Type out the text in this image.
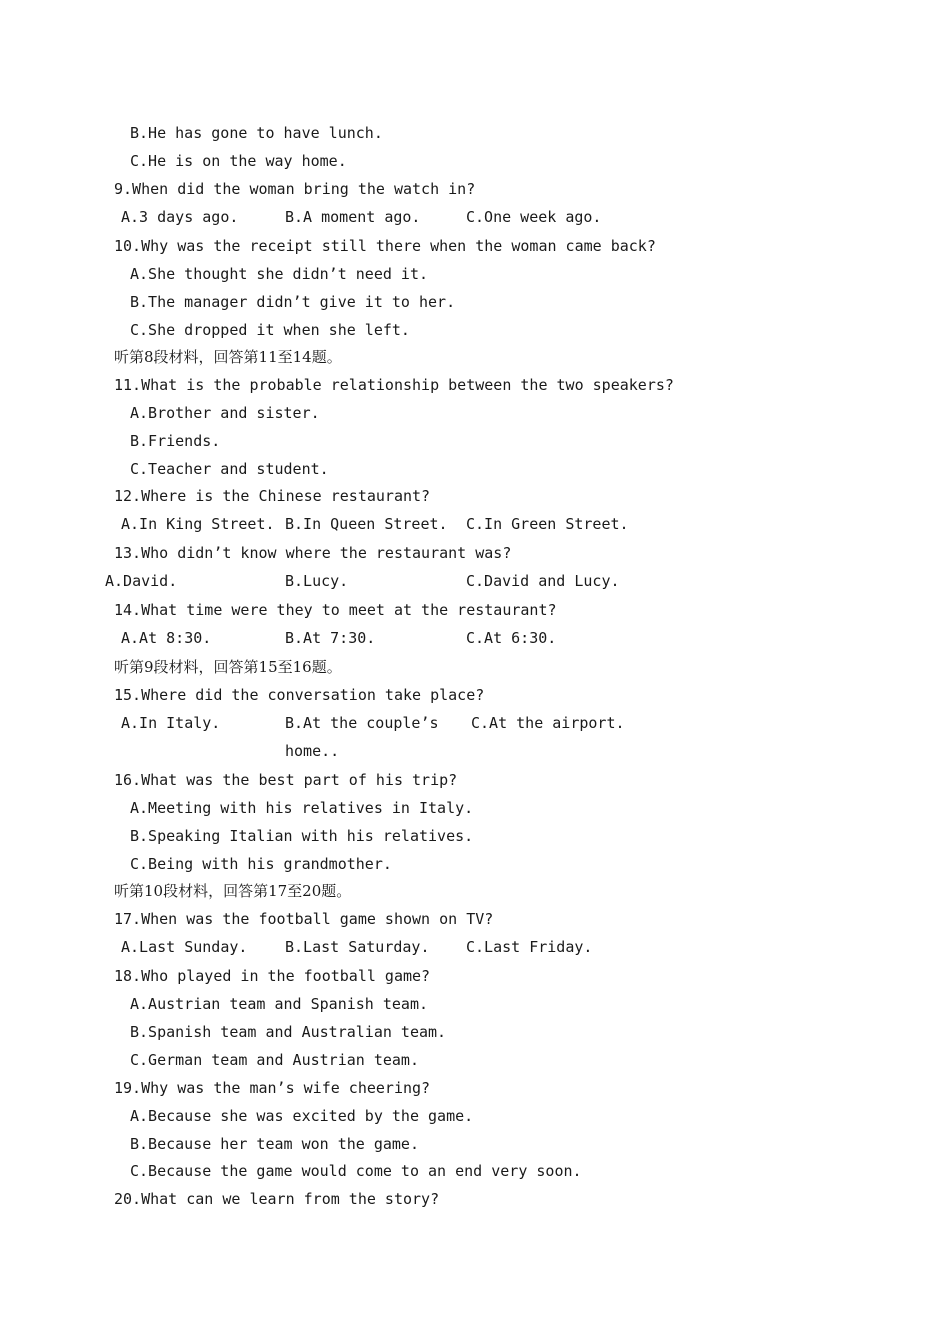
B.He has gone to have lunch.
C.He is on the way home.
9.When did the woman bring the watch in?
A.3 days ago.	B.A moment ago.	C.One week ago.
10.Why was the receipt still there when the woman came back?
A.She thought she didn’t need it.
B.The manager didn’t give it to her.
C.She dropped it when she left.
听第8段材料，回答第11至14题。
11.What is the probable relationship between the two speakers?
A.Brother and sister.
B.Friends.
C.Teacher and student.
12.Where is the Chinese restaurant?
A.In King Street. B.In Queen Street. C.In Green Street.
13.Who didn’t know where the restaurant was?
A.David.	B.Lucy.	C.David and Lucy.
14.What time were they to meet at the restaurant?
A.At 8:30.	B.At 7:30.	C.At 6:30.
听第9段材料，回答第15至16题。
15.Where did the conversation take place?
A.In Italy.	B.At the couple’s C.At the airport.
home..
16.What was the best part of his trip?
A.Meeting with his relatives in Italy.
B.Speaking Italian with his relatives.
C.Being with his grandmother.
听第10段材料，回答第17至20题。
17.When was the football game shown on TV?
A.Last Sunday.	B.Last Saturday. C.Last Friday.
18.Who played in the football game?
A.Austrian team and Spanish team.
B.Spanish team and Australian team.
C.German team and Austrian team.
19.Why was the man’s wife cheering?
A.Because she was excited by the game.
B.Because her team won the game.
C.Because the game would come to an end very soon.
20.What can we learn from the story?
